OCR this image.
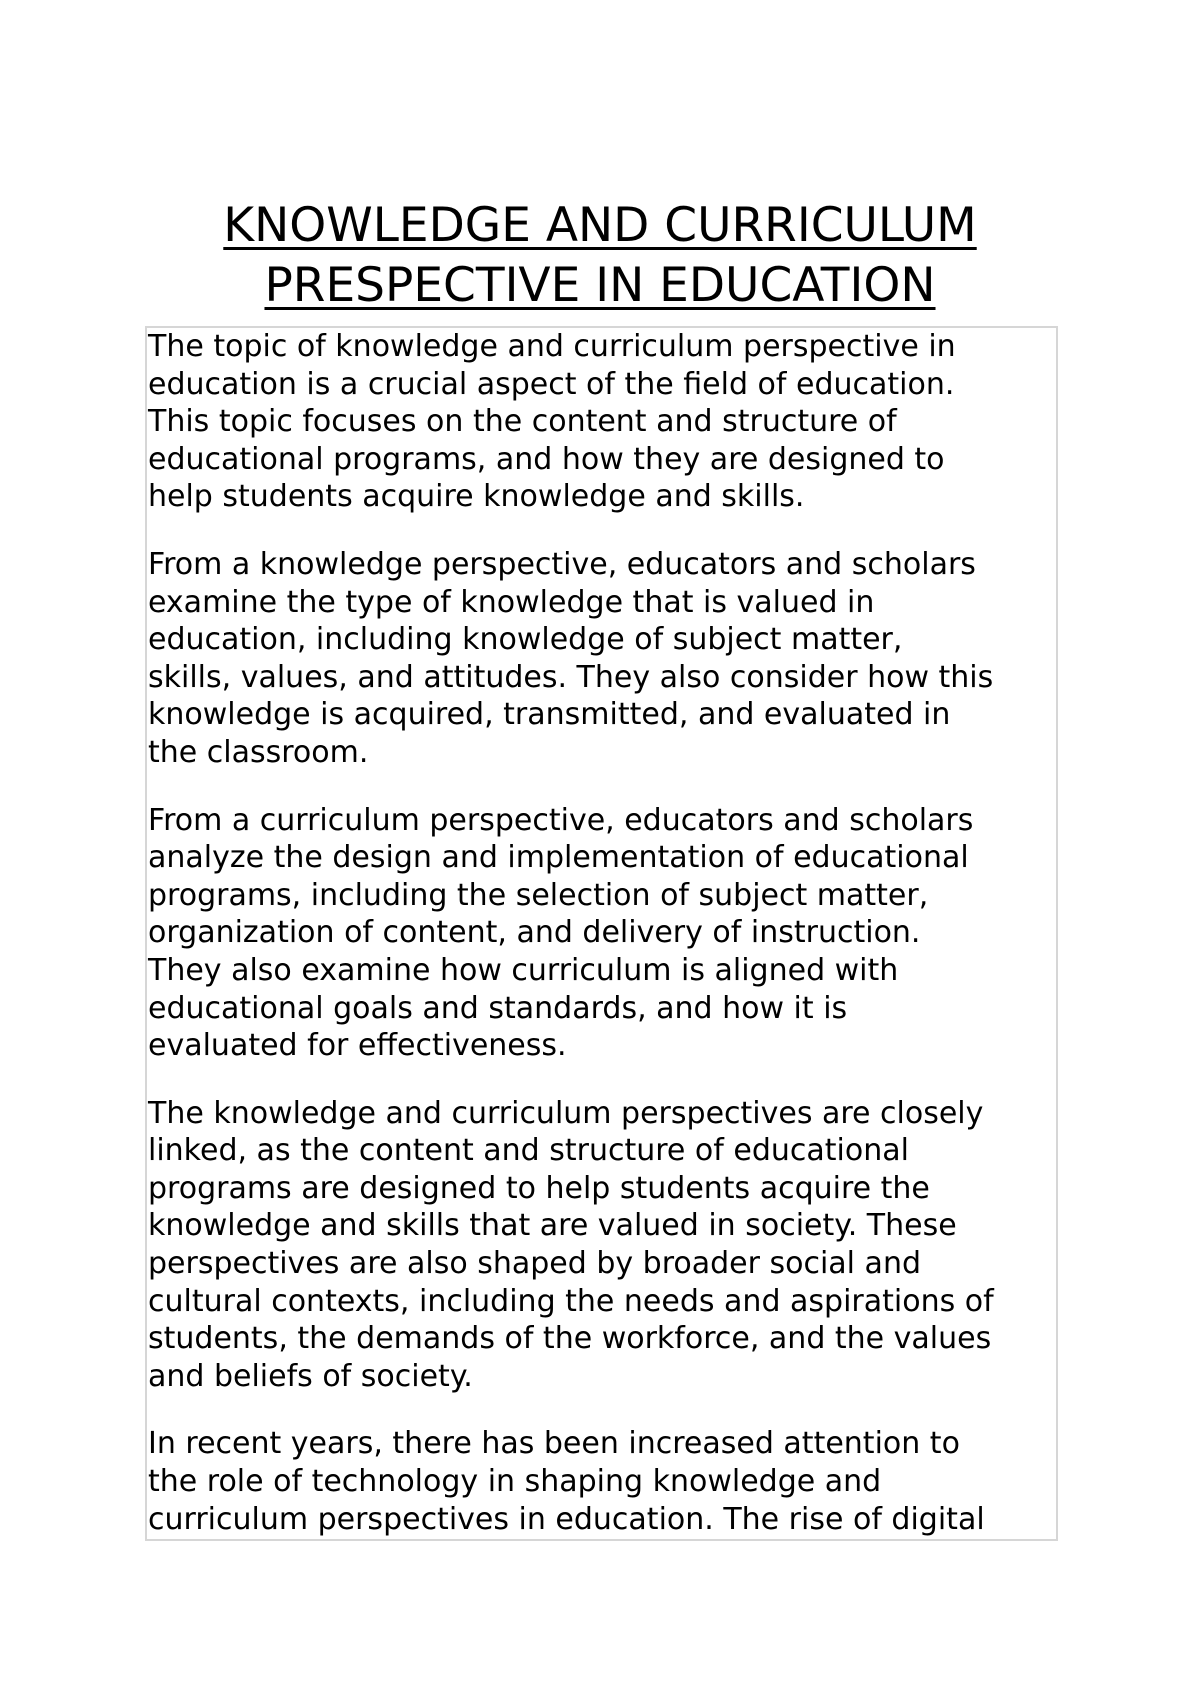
KNOWLEDGE AND CURRICULUM
PRESPECTIVE IN EDUCATION

The topic of knowledge and curriculum perspective in
education is a crucial aspect of the field of education.
This topic focuses on the content and structure of
educational programs, and how they are designed to
help students acquire knowledge and skills.

From a knowledge perspective, educators and scholars
examine the type of knowledge that is valued in
education, including knowledge of subject matter,
skills, values, and attitudes. They also consider how this
knowledge is acquired, transmitted, and evaluated in
the classroom.

From a curriculum perspective, educators and scholars
analyze the design and implementation of educational
programs, including the selection of subject matter,
organization of content, and delivery of instruction.
They also examine how curriculum is aligned with
educational goals and standards, and how it is
evaluated for effectiveness.

The knowledge and curriculum perspectives are closely
linked, as the content and structure of educational
programs are designed to help students acquire the
knowledge and skills that are valued in society. These
perspectives are also shaped by broader social and
cultural contexts, including the needs and aspirations of
students, the demands of the workforce, and the values
and beliefs of society.

In recent years, there has been increased attention to
the role of technology in shaping knowledge and
curriculum perspectives in education. The rise of digital
